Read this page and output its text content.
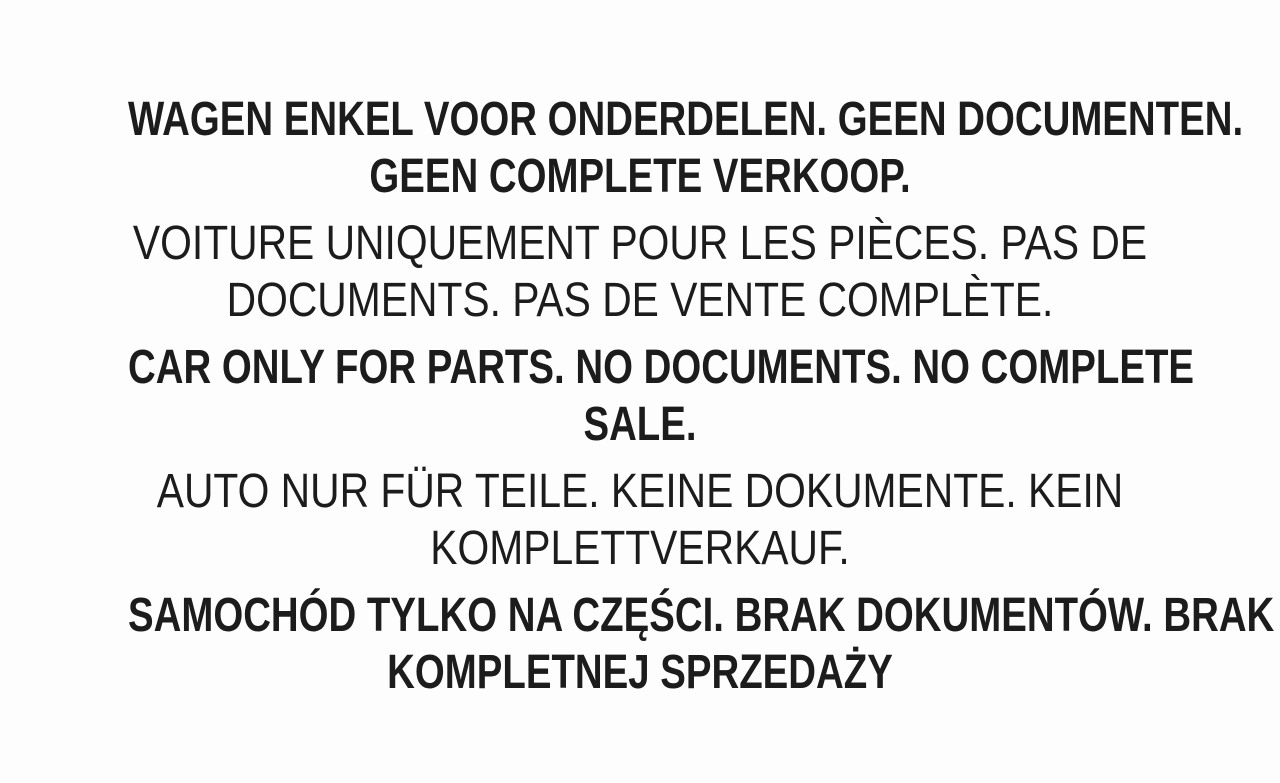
WAGEN ENKEL VOOR ONDERDELEN. GEEN DOCUMENTEN.
GEEN COMPLETE VERKOOP.

VOITURE UNIQUEMENT POUR LES PIÈCES. PAS DE
DOCUMENTS. PAS DE VENTE COMPLÈTE.

CAR ONLY FOR PARTS. NO DOCUMENTS. NO COMPLETE
SALE.

AUTO NUR FÜR TEILE. KEINE DOKUMENTE. KEIN
KOMPLETTVERKAUF.

SAMOCHÓD TYLKO NA CZĘŚCI. BRAK DOKUMENTÓW. BRAK
KOMPLETNEJ SPRZEDAŻY
